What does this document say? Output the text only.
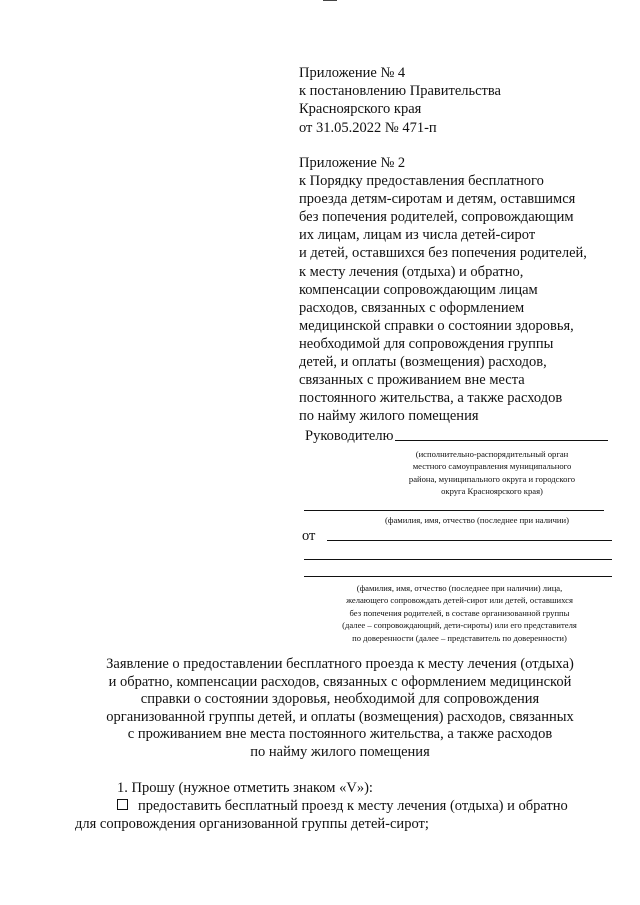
Приложение № 4
к постановлению Правительства
Красноярского края
от 31.05.2022 № 471-п
Приложение № 2
к Порядку предоставления бесплатного
проезда детям-сиротам и детям, оставшимся
без попечения родителей, сопровождающим
их лицам, лицам из числа детей-сирот
и детей, оставшихся без попечения родителей,
к месту лечения (отдыха) и обратно,
компенсации сопровождающим лицам
расходов, связанных с оформлением
медицинской справки о состоянии здоровья,
необходимой для сопровождения группы
детей, и оплаты (возмещения) расходов,
связанных с проживанием вне места
постоянного жительства, а также расходов
по найму жилого помещения
Руководителю
(исполнительно-распорядительный орган
местного самоуправления муниципального
района, муниципального округа и городского
округа Красноярского края)
(фамилия, имя, отчество (последнее при наличии)
от
(фамилия, имя, отчество (последнее при наличии) лица,
желающего сопровождать детей-сирот или детей, оставшихся
без попечения родителей, в составе организованной группы
(далее – сопровождающий, дети-сироты) или его представителя
по доверенности (далее – представитель по доверенности)
Заявление о предоставлении бесплатного проезда к месту лечения (отдыха)
и обратно, компенсации расходов, связанных с оформлением медицинской
справки о состоянии здоровья, необходимой для сопровождения
организованной группы детей, и оплаты (возмещения) расходов, связанных
с проживанием вне места постоянного жительства, а также расходов
по найму жилого помещения
1. Прошу (нужное отметить знаком «V»):
предоставить бесплатный проезд к месту лечения (отдыха) и обратно
для сопровождения организованной группы детей-сирот;
